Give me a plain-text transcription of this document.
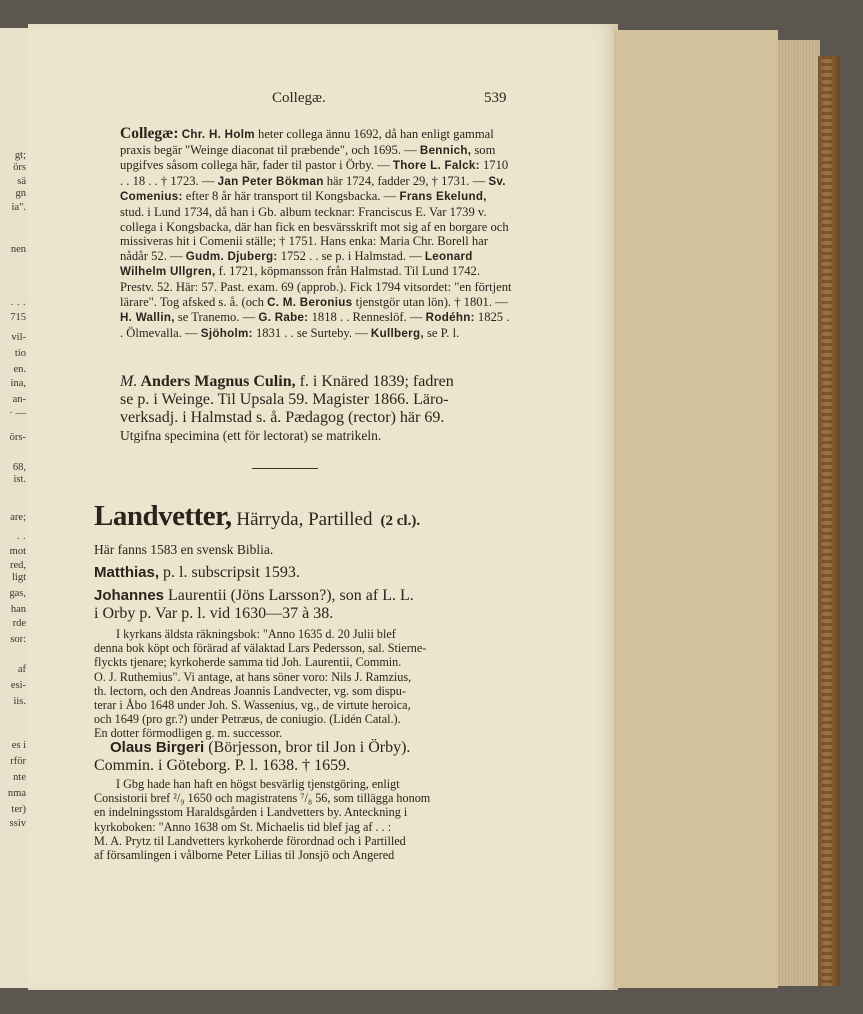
gt;
örs
sä
gn
ia".
nen
· · ·
715
vil-
tio
en.
ina,
an-
· —
örs-
68,
ist.
are;
· ·
mot
red,
ligt
gas,
han
rde
sor:
af
esi-
iis.
es i
rför
nte
nma
ter)
ssiv
Collegæ.	539
Collegæ: Chr. H. Holm heter collega ännu 1692, då han enligt gammal praxis begär "Weinge diaconat til præbende", och 1695. — Bennich, som upgifves såsom collega här, fader til pastor i Örby. — Thore L. Falck: 1710 . . 18 . . † 1723. — Jan Peter Bökman här 1724, fadder 29, † 1731. — Sv. Comenius: efter 8 år här transport til Kongsbacka. — Frans Ekelund, stud. i Lund 1734, då han i Gb. album tecknar: Franciscus E. Var 1739 v. collega i Kongsbacka, där han fick en besvärsskrift mot sig af en borgare och missiveras hit i Comenii ställe; † 1751. Hans enka: Maria Chr. Borell har nådår 52. — Gudm. Djuberg: 1752 . . se p. i Halmstad. — Leonard Wilhelm Ullgren, f. 1721, köpmansson från Halmstad. Til Lund 1742. Prestv. 52. Här: 57. Past. exam. 69 (approb.). Fick 1794 vitsordet: "en förtjent lärare". Tog afsked s. å. (och C. M. Beronius tjenstgör utan lön). † 1801. — H. Wallin, se Tranemo. — G. Rabe: 1818 . . Renneslöf. — Rodéhn: 1825 . . Ölmevalla. — Sjöholm: 1831 . . se Surteby. — Kullberg, se P. l.
M. Anders Magnus Culin, f. i Knäred 1839; fadren
se p. i Weinge. Til Upsala 59. Magister 1866. Läro-
verksadj. i Halmstad s. å. Pædagog (rector) här 69.
Utgifna specimina (ett för lectorat) se matrikeln.
Landvetter, Härryda, Partilled (2 cl.).
Här fanns 1583 en svensk Biblia.
Matthias, p. l. subscripsit 1593.
Johannes Laurentii (Jöns Larsson?), son af L. L.
i Orby p. Var p. l. vid 1630—37 à 38.
I kyrkans äldsta räkningsbok: "Anno 1635 d. 20 Julii blef
denna bok köpt och förärad af välaktad Lars Pedersson, sal. Stierne-
flyckts tjenare; kyrkoherde samma tid Joh. Laurentii, Commin.
O. J. Ruthemius". Vi antage, at hans söner voro: Nils J. Ramzius,
th. lectorn, och den Andreas Joannis Landvecter, vg. som dispu-
terar i Åbo 1648 under Joh. S. Wassenius, vg., de virtute heroica,
och 1649 (pro gr.?) under Petræus, de coniugio. (Lidén Catal.).
En dotter förmodligen g. m. successor.
Olaus Birgeri (Börjesson, bror til Jon i Örby).
Commin. i Göteborg. P. l. 1638. † 1659.
I Gbg hade han haft en högst besvärlig tjenstgöring, enligt
Consistorii bref ²/₉ 1650 och magistratens ⁷/₈ 56, som tillägga honom
en indelningsstom Haraldsgården i Landvetters by. Anteckning i
kyrkoboken: "Anno 1638 om St. Michaelis tid blef jag af . . :
M. A. Prytz til Landvetters kyrkoherde förordnad och i Partilled
af församlingen i vålborne Peter Lilias til Jonsjö och Angered
